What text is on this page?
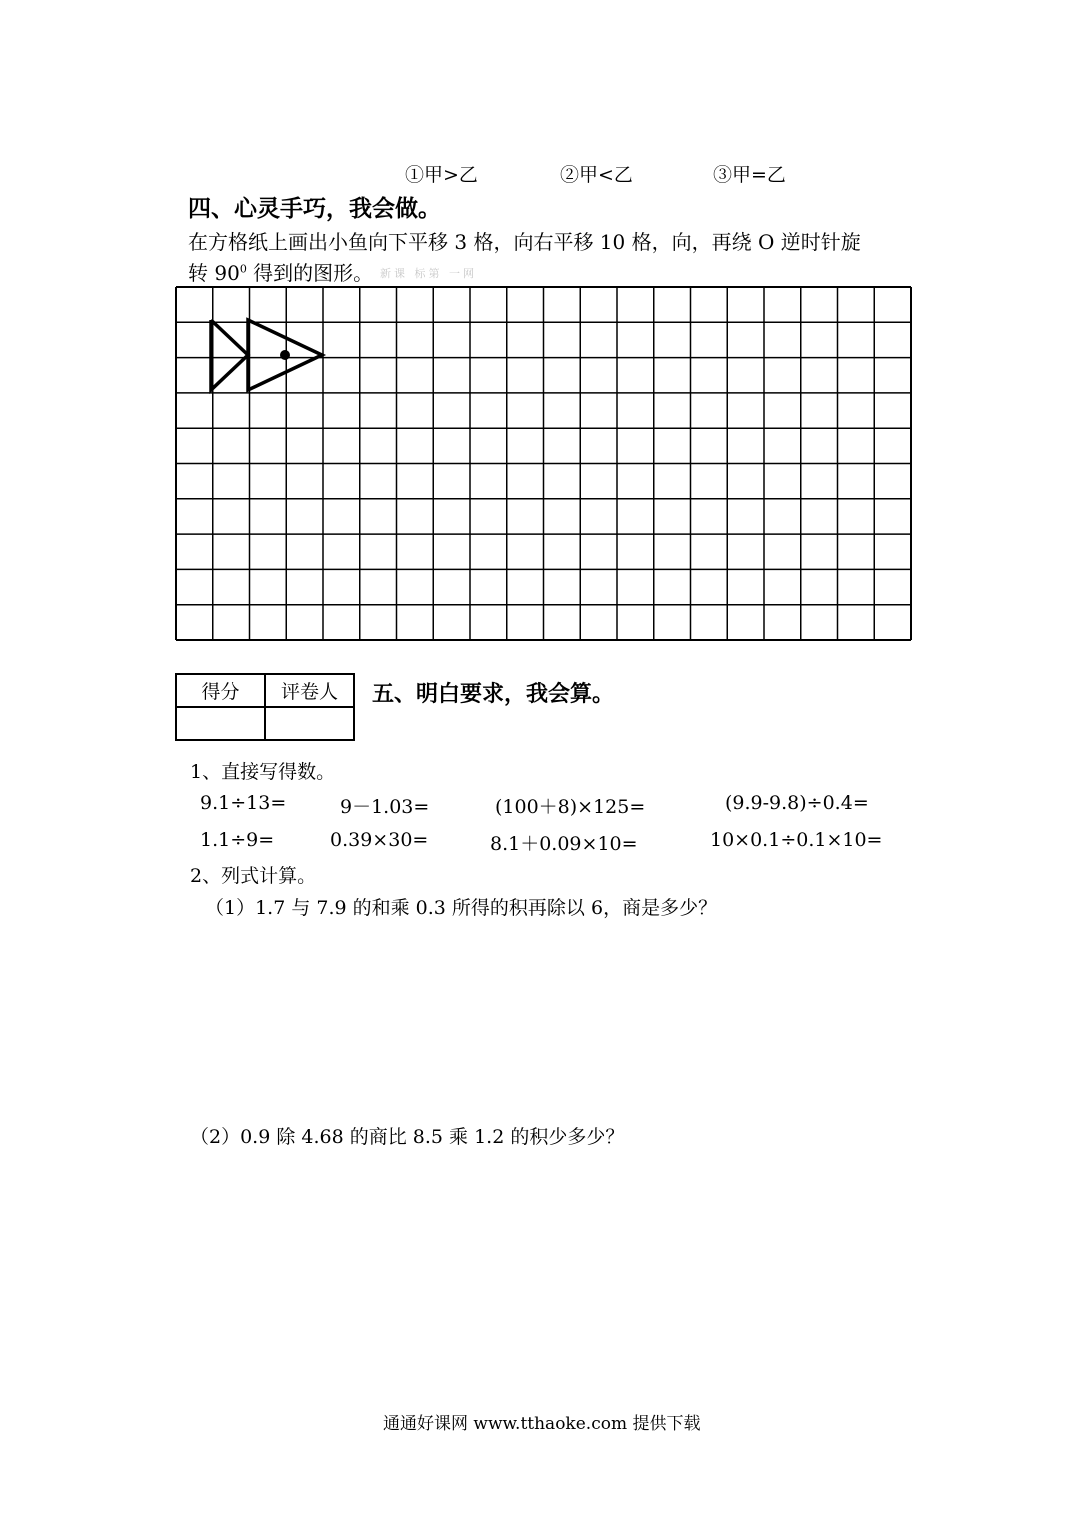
①甲>乙	②甲<乙	③甲=乙
四、心灵手巧，我会做。
在方格纸上画出小鱼向下平移 3 格，向右平移 10 格，向，再绕 O 逆时针旋
转 $90^0$ 得到的图形。 新课 标第 一网
得分	评卷人
	五、明白要求，我会算。
1、直接写得数。
9.1÷13=	9－1.03=	(100＋8)×125=	(9.9-9.8)÷0.4=
1.1÷9=	0.39×30=	8.1＋0.09×10=	10×0.1÷0.1×10=
2、列式计算。
（1）1.7 与 7.9 的和乘 0.3 所得的积再除以 6，商是多少？
（2）0.9 除 4.68 的商比 8.5 乘 1.2 的积少多少？
通通好课网 www.tthaoke.com 提供下载
